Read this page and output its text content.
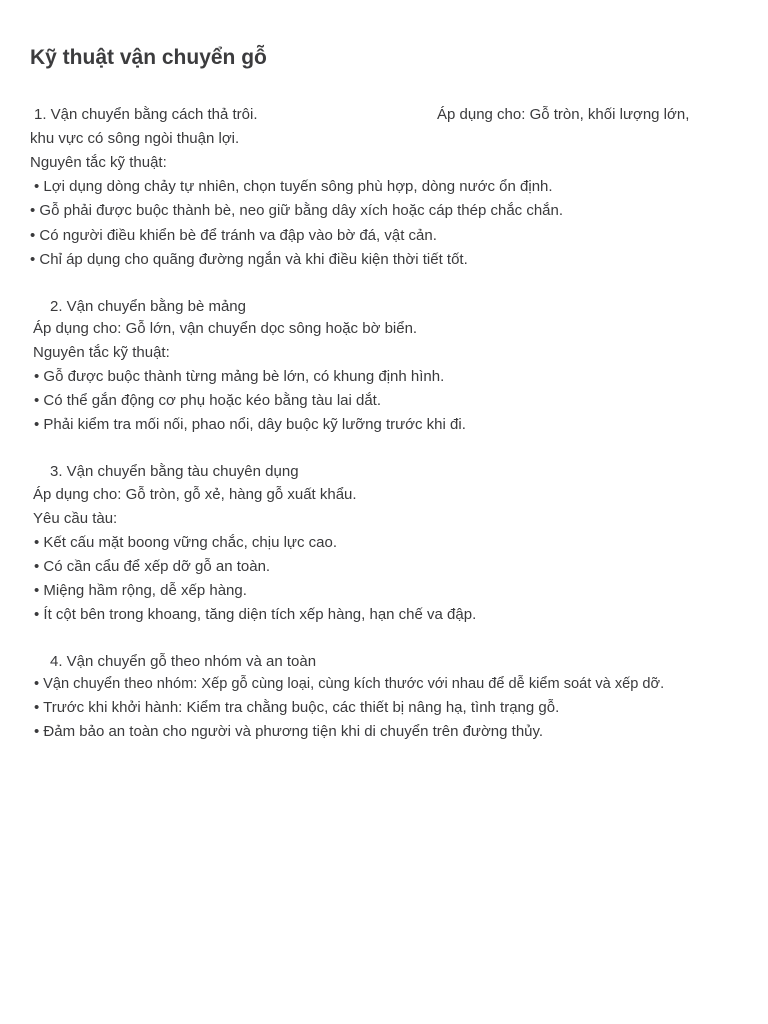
Kỹ thuật vận chuyển gỗ
1. Vận chuyển bằng cách thả trôi.	Áp dụng cho: Gỗ tròn, khối lượng lớn,
khu vực có sông ngòi thuận lợi.
Nguyên tắc kỹ thuật:
• Lợi dụng dòng chảy tự nhiên, chọn tuyến sông phù hợp, dòng nước ổn định.
• Gỗ phải được buộc thành bè, neo giữ bằng dây xích hoặc cáp thép chắc chắn.
• Có người điều khiển bè để tránh va đập vào bờ đá, vật cản.
• Chỉ áp dụng cho quãng đường ngắn và khi điều kiện thời tiết tốt.
2. Vận chuyển bằng bè mảng
Áp dụng cho: Gỗ lớn, vận chuyển dọc sông hoặc bờ biển.
Nguyên tắc kỹ thuật:
• Gỗ được buộc thành từng mảng bè lớn, có khung định hình.
• Có thể gắn động cơ phụ hoặc kéo bằng tàu lai dắt.
• Phải kiểm tra mối nối, phao nổi, dây buộc kỹ lưỡng trước khi đi.
3. Vận chuyển bằng tàu chuyên dụng
Áp dụng cho: Gỗ tròn, gỗ xẻ, hàng gỗ xuất khẩu.
Yêu cầu tàu:
• Kết cấu mặt boong vững chắc, chịu lực cao.
• Có cần cẩu để xếp dỡ gỗ an toàn.
• Miệng hầm rộng, dễ xếp hàng.
• Ít cột bên trong khoang, tăng diện tích xếp hàng, hạn chế va đập.
4. Vận chuyển gỗ theo nhóm và an toàn
• Vận chuyển theo nhóm: Xếp gỗ cùng loại, cùng kích thước với nhau để dễ kiểm soát và xếp dỡ.
• Trước khi khởi hành: Kiểm tra chằng buộc, các thiết bị nâng hạ, tình trạng gỗ.
• Đảm bảo an toàn cho người và phương tiện khi di chuyển trên đường thủy.
